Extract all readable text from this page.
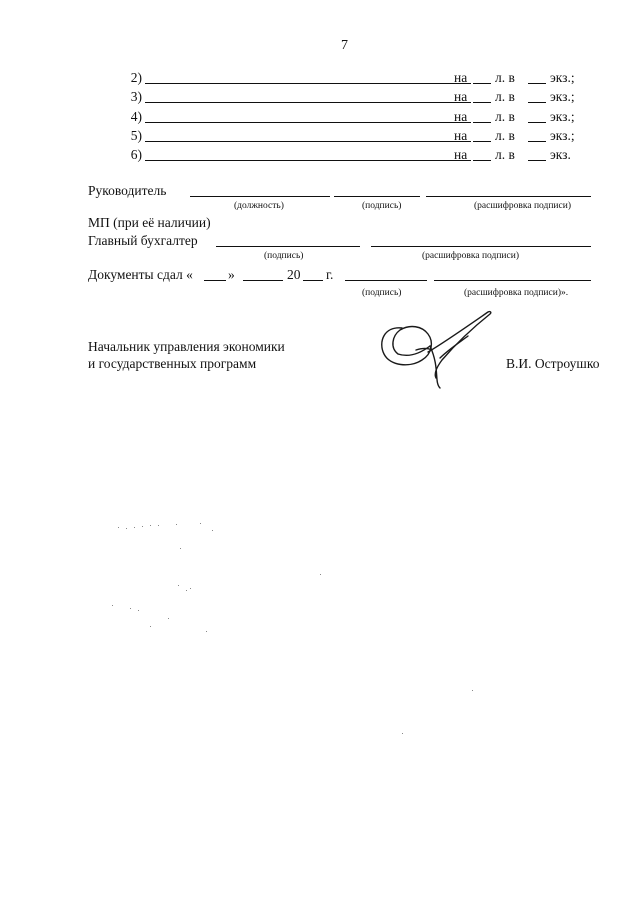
7
2)	на л. в	экз.;
3)	на л. в	экз.;
4)	на л. в	экз.;
5)	на л. в	экз.;
6)	на л. в	экз.
Руководитель
(должность)	(подпись)	(расшифровка подписи)
МП (при её наличии)
Главный бухгалтер
(подпись)	(расшифровка подписи)
Документы сдал «	»	20 г.
(подпись)	(расшифровка подписи)».
Начальник управления экономики
и государственных программ	В.И. Остроушко
